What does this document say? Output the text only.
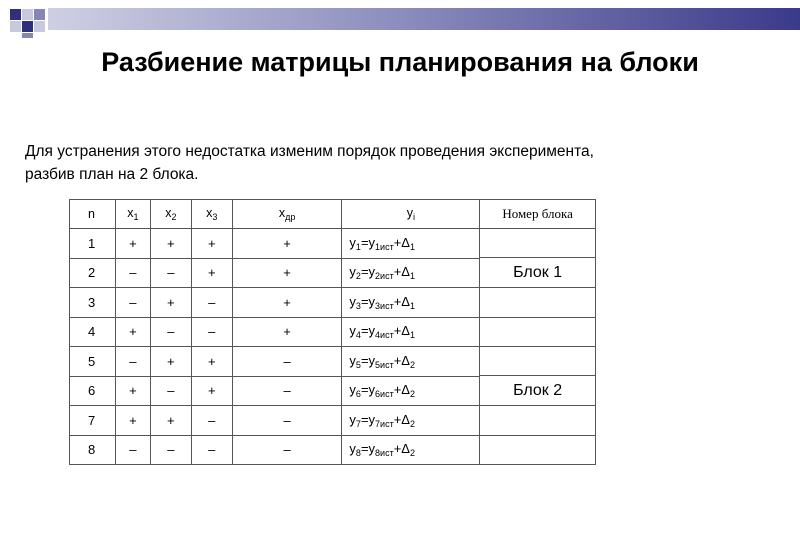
Разбиение матрицы планирования на блоки
Для устранения этого недостатка изменим порядок проведения эксперимента, разбив план на 2 блока.
n	$x_1$	$x_2$	$x_3$	$x_{др}$	$y_i$	Номер блока
1	+	+	+	+	$y_1=y_{1ист}+\Delta_1$	Блок 1

2	–	–	+	+	$y_2=y_{2ист}+\Delta_1$
3	–	+	–	+	$y_3=y_{3ист}+\Delta_1$
4	+	–	–	+	$y_4=y_{4ист}+\Delta_1$
5	–	+	+	–	$y_5=y_{5ист}+\Delta_2$	Блок 2

6	+	–	+	–	$y_6=y_{6ист}+\Delta_2$
7	+	+	–	–	$y_7=y_{7ист}+\Delta_2$
8	–	–	–	–	$y_8=y_{8ист}+\Delta_2$
